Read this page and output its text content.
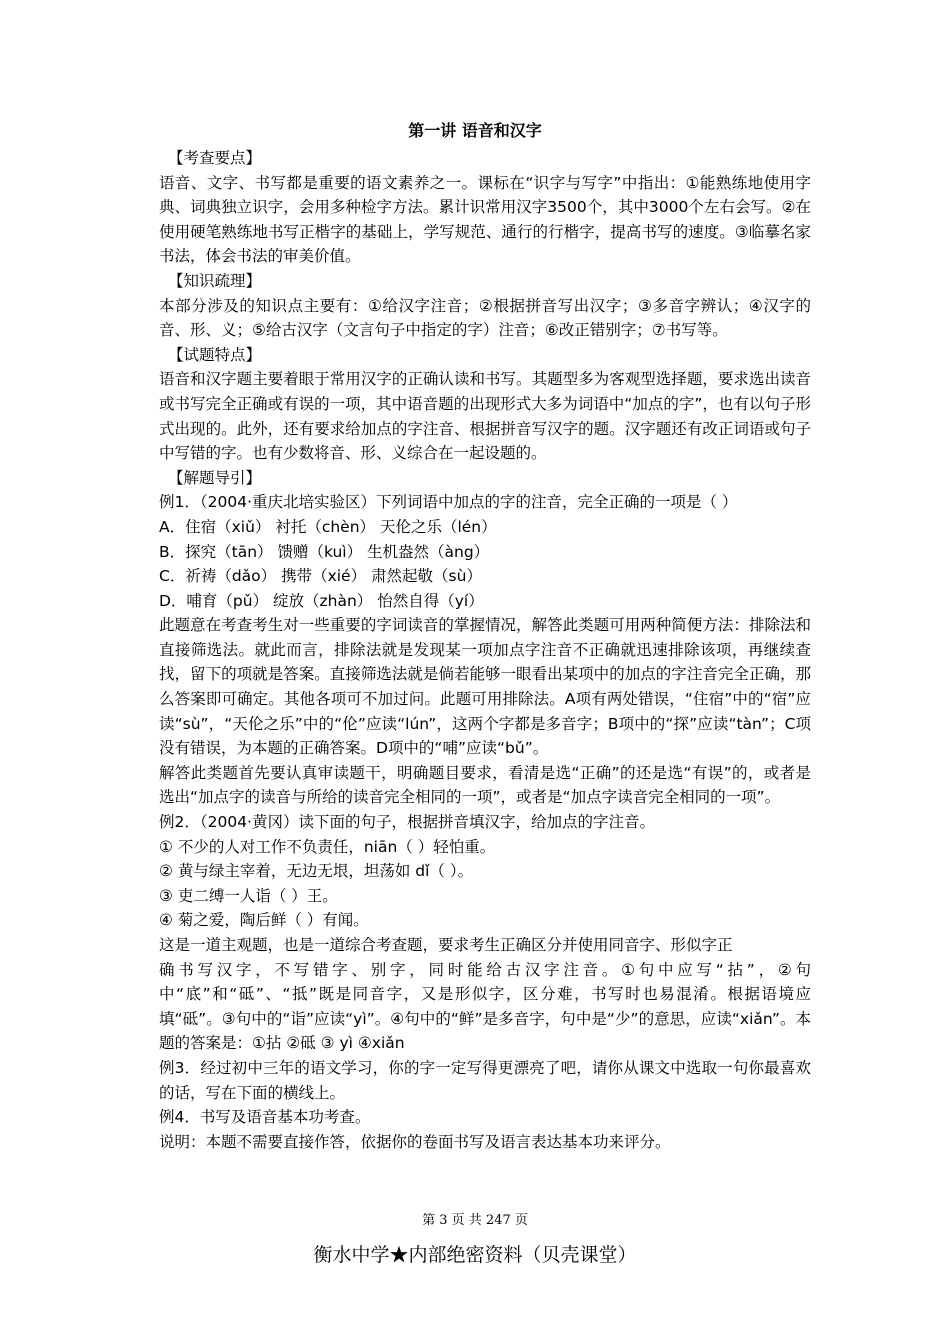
第一讲 语音和汉字

【考查要点】

语音、文字、书写都是重要的语文素养之一。课标在“识字与写字”中指出：①能熟练地使用字典、词典独立识字，会用多种检字方法。累计识常用汉字3500个，其中3000个左右会写。②在使用硬笔熟练地书写正楷字的基础上，学写规范、通行的行楷字，提高书写的速度。③临摹名家书法，体会书法的审美价值。

【知识疏理】

本部分涉及的知识点主要有：①给汉字注音；②根据拼音写出汉字；③多音字辨认；④汉字的音、形、义；⑤给古汉字（文言句子中指定的字）注音；⑥改正错别字；⑦书写等。

【试题特点】

语音和汉字题主要着眼于常用汉字的正确认读和书写。其题型多为客观型选择题，要求选出读音或书写完全正确或有误的一项，其中语音题的出现形式大多为词语中“加点的字”，也有以句子形式出现的。此外，还有要求给加点的字注音、根据拼音写汉字的题。汉字题还有改正词语或句子中写错的字。也有少数将音、形、义综合在一起设题的。

【解题导引】

例1．（2004·重庆北培实验区）下列词语中加点的字的注音，完全正确的一项是（ ）

A．住宿（xiǔ） 衬托（chèn） 天伦之乐（lén）

B．探究（tān） 馈赠（kuì） 生机盎然（àng）

C．祈祷（dǎo） 携带（xié） 肃然起敬（sù）

D．哺育（pǔ） 绽放（zhàn） 怡然自得（yí）

此题意在考查考生对一些重要的字词读音的掌握情况，解答此类题可用两种简便方法：排除法和直接筛选法。就此而言，排除法就是发现某一项加点字注音不正确就迅速排除该项，再继续查找，留下的项就是答案。直接筛选法就是倘若能够一眼看出某项中的加点的字注音完全正确，那么答案即可确定。其他各项可不加过问。此题可用排除法。A项有两处错误，“住宿”中的“宿”应读“sù”，“天伦之乐”中的“伦”应读“lún”，这两个字都是多音字；B项中的“探”应读“tàn”；C项没有错误，为本题的正确答案。D项中的“哺”应读“bǔ”。

解答此类题首先要认真审读题干，明确题目要求，看清是选“正确”的还是选“有误”的，或者是选出“加点字的读音与所给的读音完全相同的一项”，或者是“加点字读音完全相同的一项”。

例2．（2004·黄冈）读下面的句子，根据拼音填汉字，给加点的字注音。

① 不少的人对工作不负责任，niān（ ）轻怕重。

② 黄与绿主宰着，无边无垠，坦荡如 dǐ（ ）。

③ 吏二缚一人诣（ ）王。

④ 菊之爱，陶后鲜（ ）有闻。

这是一道主观题，也是一道综合考查题，要求考生正确区分并使用同音字、形似字正

确书写汉字，不写错字、别字，同时能给古汉字注音。①句中应写“拈”，②句中“底”和“砥”、“抵”既是同音字，又是形似字，区分难，书写时也易混淆。根据语境应填“砥”。③句中的“诣”应读“yì”。④句中的“鲜”是多音字，句中是“少”的意思，应读“xiǎn”。本题的答案是：①拈 ②砥 ③ yì ④xiǎn

例3．经过初中三年的语文学习，你的字一定写得更漂亮了吧，请你从课文中选取一句你最喜欢的话，写在下面的横线上。

例4．书写及语音基本功考查。

说明：本题不需要直接作答，依据你的卷面书写及语言表达基本功来评分。

第 3 页 共 247 页
衡水中学★内部绝密资料（贝壳课堂）
